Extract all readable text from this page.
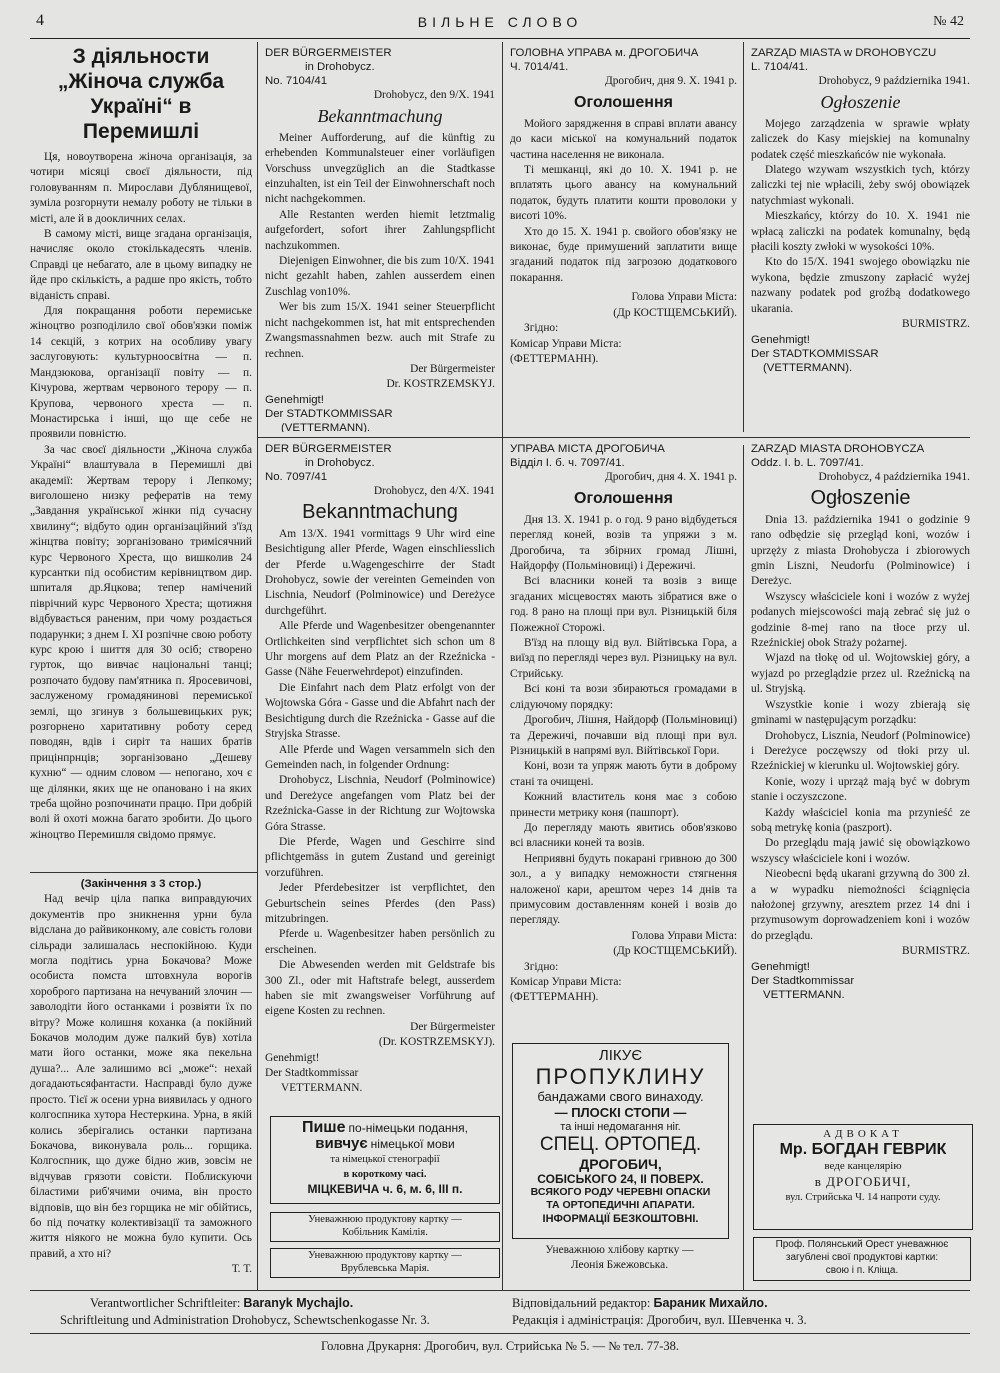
4	ВІЛЬНЕ СЛОВО	№ 42
З діяльности „Жіноча служба Україні“ в Перемишлі

Ця, новоутворена жіноча організація, за чотири місяці своєї діяльности, під головуванням п. Мирослави Дублянищевої, зуміла розгорнути немалу роботу не тільки в місті, але й в доокличних селах.

В самому місті, вище згадана організація, начисляє около стокількадесять членів. Справді це небагато, але в цьому випадку не йде про скількість, а радше про якість, тобто віданість справі.

Для покращання роботи перемиське жіноцтво розподілило свої обов'язки поміж 14 секцій, з котрих на особливу увагу заслуговують: культурноосвітна — п. Мандзюкова, організації повіту — п. Кічурова, жертвам червоного терору — п. Крупова, червоного хреста — п. Монастирська і інші, що ще себе не проявили повністю.

За час своєї діяльности „Жіноча служба Україні“ влаштувала в Перемишлі дві академії: Жертвам терору і Лепкому; виголошено низку рефератів на тему „Завдання української жінки під сучасну хвилину“; відбуто один організаційний з'їзд жінцтва повіту; зорганізовано тримісячний курс Червоного Хреста, що вишколив 24 курсантки під особистим керівництвом дир. шпиталя др.Яцкова; тепер намічений піврічний курс Червоного Хреста; щотижня відбувається раненим, при чому роздається подарунки; з днем І. XI розпічне свою роботу курс крою і шиття для 30 осіб; створено гурток, що вивчає національні танці; розпочато будову пам'ятника п. Яросевичові, заслуженому громадянинові перемиської землі, що згинув з большевицьких рук; розгорнено харитативну роботу серед поводян, вдів і сиріт та наших братів прицінпрнців; зорганізовано „Дешеву кухню“ — одним словом — непогано, хоч є ще ділянки, яких ще не опановано і на яких треба щойно розпочинати працю. При добрій волі й охоті можна багато зробити. До цього жіноцтво Перемишля свідомо прямує.

(Закінчення з 3 стор.)

Над вечір ціла папка виправдуючих документів про зникнення урни була відслана до райвиконкому, але совість голови сільради залишалась неспокійною. Куди могла подітись урна Бокачова? Може особиста помста штовхнула ворогів хороброго партизана на нечуваний злочин — заволодіти його останками і розвіяти їх по вітру? Може колишня коханка (а покійний Бокачов молодим дуже палкий був) хотіла мати його останки, може яка пекельна душа?... Але залишимо всі „може“: нехай догадаютьсяфантасти. Насправді було дуже просто. Тієї ж осени урна виявилась у одного колгоспника хутора Нестеркина. Урна, в якій колись зберігались останки партизана Бокачова, виконувала роль... горщика. Колгоспник, що дуже бідно жив, зовсім не відчував грязоти совісти. Поблискуючи біластими риб'ячими очима, він просто відповів, що він без горщика не міг обійтись, бо під початку колективізації та заможного життя ніякого не можна було купити. Ось правий, а хто ні?

Т. Т.

DER BÜRGERMEISTER

in Drohobycz.

No. 7104/41

Drohobycz, den 9/X. 1941

Bekanntmachung

Meiner Aufforderung, auf die künftig zu erhebenden Kommunalsteuer einer vorläufigen Vorschuss unvegzüglich an die Stadtkasse einzuhalten, ist ein Teil der Einwohnerschaft noch nicht nachgekommen.

Alle Restanten werden hiemit letztmalig aufgefordert, sofort ihrer Zahlungspflicht nachzukommen.

Diejenigen Einwohner, die bis zum 10/X. 1941 nicht gezahlt haben, zahlen ausserdem einen Zuschlag von10%.

Wer bis zum 15/X. 1941 seiner Steuerpflicht nicht nachgekommen ist, hat mit entsprechenden Zwangsmassnahmen bezw. auch mit Strafe zu rechnen.

Der Bürgermeister

Dr. KOSTRZEMSKYJ.

Genehmigt!

Der STADTKOMMISSAR

(VETTERMANN).

ГОЛОВНА УПРАВА м. ДРОГОБИЧА

Ч. 7014/41.

Дрогобич, дня 9. X. 1941 р.

Оголошення

Мойого зарядження в справі вплати авансу до каси міської на комунальний податок частина населення не виконала.

Ті мешканці, які до 10. X. 1941 р. не вплатять цього авансу на комунальний податок, будуть платити кошти проволоки у висоті 10%.

Хто до 15. X. 1941 р. свойого обов'язку не виконає, буде примушений заплатити вище згаданий податок під загрозою додаткового покарання.

Голова Управи Міста:

(Др КОСТЩЕМСЬКИЙ).

Згідно:

Комісар Управи Міста:

(ФЕТТЕРМАНН).

ZARZĄD MIASTA w DROHOBYCZU

L. 7104/41.

Drohobycz, 9 października 1941.

Ogłoszenie

Mojego zarządzenia w sprawie wpłaty zaliczek do Kasy miejskiej na komunalny podatek część mieszkańców nie wykonała.

Dlatego wzywam wszystkich tych, którzy zaliczki tej nie wpłacili, żeby swój obowiązek natychmiast wykonali.

Mieszkańcy, którzy do 10. X. 1941 nie wpłacą zaliczki na podatek komunalny, będą płacili koszty zwłoki w wysokości 10%.

Kto do 15/X. 1941 swojego obowiązku nie wykona, będzie zmuszony zapłacić wyżej nazwany podatek pod groźbą dodatkowego ukarania.

BURMISTRZ.

Genehmigt!

Der STADTKOMMISSAR

(VETTERMANN).

DER BÜRGERMEISTER

in Drohobycz.

No. 7097/41

Drohobycz, den 4/X. 1941

Bekanntmachung

Am 13/X. 1941 vormittags 9 Uhr wird eine Besichtigung aller Pferde, Wagen einschliesslich der Pferde u.Wagengeschirre der Stadt Drohobycz, sowie der vereinten Gemeinden von Lischnia, Neudorf (Polminowice) und Dereżyce durchgeführt.

Alle Pferde und Wagenbesitzer obengenannter Ortlichkeiten sind verpflichtet sich schon um 8 Uhr morgens auf dem Platz an der Rzeźnicka - Gasse (Nähe Feuerwehrdepot) einzufinden.

Die Einfahrt nach dem Platz erfolgt von der Wojtowska Góra - Gasse und die Abfahrt nach der Besichtigung durch die Rzeźnicka - Gasse auf die Stryjska Strasse.

Alle Pferde und Wagen versammeln sich den Gemeinden nach, in folgender Ordnung:

Drohobycz, Lischnia, Neudorf (Polminowice) und Dereżyce angefangen vom Platz bei der Rzeźnicka-Gasse in der Richtung zur Wojtowska Góra Strasse.

Die Pferde, Wagen und Geschirre sind pflichtgemäss in gutem Zustand und gereinigt vorzuführen.

Jeder Pferdebesitzer ist verpflichtet, den Geburtschein seines Pferdes (den Pass) mitzubringen.

Pferde u. Wagenbesitzer haben persönlich zu erscheinen.

Die Abwesenden werden mit Geldstrafe bis 300 Zl., oder mit Haftstrafe belegt, ausserdem haben sie mit zwangsweiser Vorführung auf eigene Kosten zu rechnen.

Der Bürgermeister

(Dr. KOSTRZEMSKYJ).

Genehmigt!

Der Stadtkommissar

VETTERMANN.

УПРАВА МІСТА ДРОГОБИЧА

Відділ І. б. ч. 7097/41.

Дрогобич, дня 4. X. 1941 р.

Оголошення

Дня 13. X. 1941 р. о год. 9 рано відбудеться перегляд коней, возів та упряжи з м. Дрогобича, та збірних громад Лішні, Найдорфу (Польміновиці) і Дережичі.

Всі власники коней та возів з вище згаданих місцевостях мають зібратися вже о год. 8 рано на площі при вул. Різницькій біля Пожежної Сторожі.

В'їзд на площу від вул. Війтівська Гора, а виїзд по перегляді через вул. Різницьку на вул. Стрийську.

Всі коні та вози збираються громадами в слідуючому порядку:

Дрогобич, Лішня, Найдорф (Польміновиці) та Дережичі, почавши від площі при вул. Різницькій в напрямі вул. Війтівської Гори.

Коні, вози та упряж мають бути в доброму стані та очищені.

Кожний властитель коня має з собою принести метрику коня (пашпорт).

До перегляду мають явитись обов'язково всі власники коней та возів.

Неприявні будуть покарані гривною до 300 зол., а у випадку неможности стягнення наложеної кари, арештом через 14 днів та примусовим доставленням коней і возів до перегляду.

Голова Управи Міста:

(Др КОСТЩЕМСЬКИЙ).

Згідно:

Комісар Управи Міста:

(ФЕТТЕРМАНН).

ZARZĄD MIASTA DROHOBYCZA

Oddz. I. b. L. 7097/41.

Drohobycz, 4 października 1941.

Ogłoszenie

Dnia 13. października 1941 o godzinie 9 rano odbędzie się przegląd koni, wozów i uprzęży z miasta Drohobycza i zbiorowych gmin Liszni, Neudorfu (Polminowice) i Dereżyc.

Wszyscy właściciele koni i wozów z wyżej podanych miejscowości mają zebrać się już o godzinie 8-mej rano na tłoce przy ul. Rzeźnickiej obok Straży pożarnej.

Wjazd na tłokę od ul. Wojtowskiej góry, a wyjazd po przeglądzie przez ul. Rzeźnicką na ul. Stryjską.

Wszystkie konie i wozy zbierają się gminami w następującym porządku:

Drohobycz, Lisznia, Neudorf (Polminowice) i Dereżyce poczęwszy od tłoki przy ul. Rzeźnickiej w kierunku ul. Wojtowskiej góry.

Konie, wozy i uprząż mają być w dobrym stanie i oczyszczone.

Każdy właściciel konia ma przynieść ze sobą metrykę konia (paszport).

Do przeglądu mają jawić się obowiązkowo wszyscy właściciele koni i wozów.

Nieobecni będą ukarani grzywną do 300 zł. a w wypadku niemożności ściągnięcia nałożonej grzywny, aresztem przez 14 dni i przymusowym doprowadzeniem koni i wozów do przeglądu.

BURMISTRZ.

Genehmigt!

Der Stadtkommissar

VETTERMANN.

Пише по-німецьки подання,
вивчує німецької мови
та німецької стенографії
в короткому часі.
МІЦКЕВИЧА ч. 6, м. 6, III п.
Уневажнюю продуктову картку —
Кобільник Камілія.
Уневажнюю продуктову картку —
Врублевська Марія.
ЛІКУЄ
ПРОПУКЛИНУ
бандажами свого винаходу.
— ПЛОСКІ СТОПИ —
та інші недомагання ніг.
СПЕЦ. ОРТОПЕД.
ДРОГОБИЧ,
СОБІСЬКОГО 24, II ПОВЕРХ.
ВСЯКОГО РОДУ ЧЕРЕВНІ ОПАСКИ
ТА ОРТОПЕДИЧНІ АПАРАТИ.
ІНФОРМАЦІЇ БЕЗКОШТОВНІ.
Уневажнюю хлібову картку —
Леонія Бжежовська.
АДВОКАТ
Мр. БОГДАН ГЕВРИК
веде канцелярію
в ДРОГОБИЧІ,
вул. Стрийська Ч. 14 напроти суду.
Проф. Полянський Орест уневажнює
загублені свої продуктові картки:
свою і п. Кліща.
Verantwortlicher Schriftleiter: Baranyk Mychajlo.
Schriftleitung und Administration Drohobycz, Schewtschenkogasse Nr. 3.
Відповідальний редактор: Бараник Михайло.
Редакція і адміністрація: Дрогобич, вул. Шевченка ч. 3.
Головна Друкарня: Дрогобич, вул. Стрийська № 5. — № тел. 77-38.
